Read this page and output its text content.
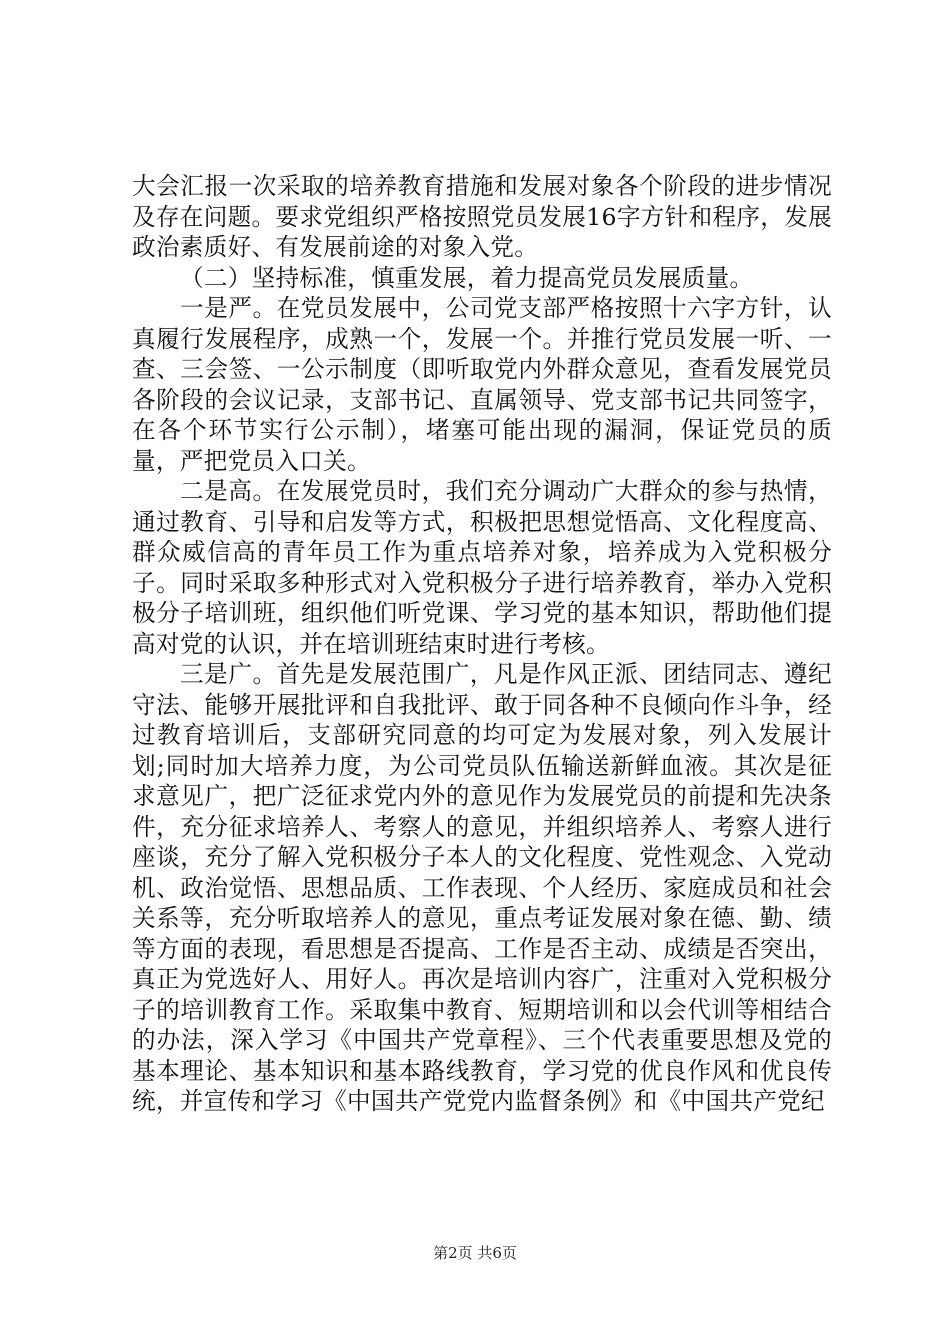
大会汇报一次采取的培养教育措施和发展对象各个阶段的进步情况及存在问题。要求党组织严格按照党员发展16字方针和程序，发展政治素质好、有发展前途的对象入党。

（二）坚持标准，慎重发展，着力提高党员发展质量。

一是严。在党员发展中，公司党支部严格按照十六字方针，认真履行发展程序，成熟一个，发展一个。并推行党员发展一听、一查、三会签、一公示制度（即听取党内外群众意见，查看发展党员各阶段的会议记录，支部书记、直属领导、党支部书记共同签字，在各个环节实行公示制），堵塞可能出现的漏洞，保证党员的质量，严把党员入口关。

二是高。在发展党员时，我们充分调动广大群众的参与热情，通过教育、引导和启发等方式，积极把思想觉悟高、文化程度高、群众威信高的青年员工作为重点培养对象，培养成为入党积极分子。同时采取多种形式对入党积极分子进行培养教育，举办入党积极分子培训班，组织他们听党课、学习党的基本知识，帮助他们提高对党的认识，并在培训班结束时进行考核。

三是广。首先是发展范围广，凡是作风正派、团结同志、遵纪守法、能够开展批评和自我批评、敢于同各种不良倾向作斗争，经过教育培训后，支部研究同意的均可定为发展对象，列入发展计划;同时加大培养力度，为公司党员队伍输送新鲜血液。其次是征求意见广，把广泛征求党内外的意见作为发展党员的前提和先决条件，充分征求培养人、考察人的意见，并组织培养人、考察人进行座谈，充分了解入党积极分子本人的文化程度、党性观念、入党动机、政治觉悟、思想品质、工作表现、个人经历、家庭成员和社会关系等，充分听取培养人的意见，重点考证发展对象在德、勤、绩等方面的表现，看思想是否提高、工作是否主动、成绩是否突出，真正为党选好人、用好人。再次是培训内容广，注重对入党积极分子的培训教育工作。采取集中教育、短期培训和以会代训等相结合的办法，深入学习《中国共产党章程》、三个代表重要思想及党的基本理论、基本知识和基本路线教育，学习党的优良作风和优良传统，并宣传和学习《中国共产党党内监督条例》和《中国共产党纪

第2页 共6页
